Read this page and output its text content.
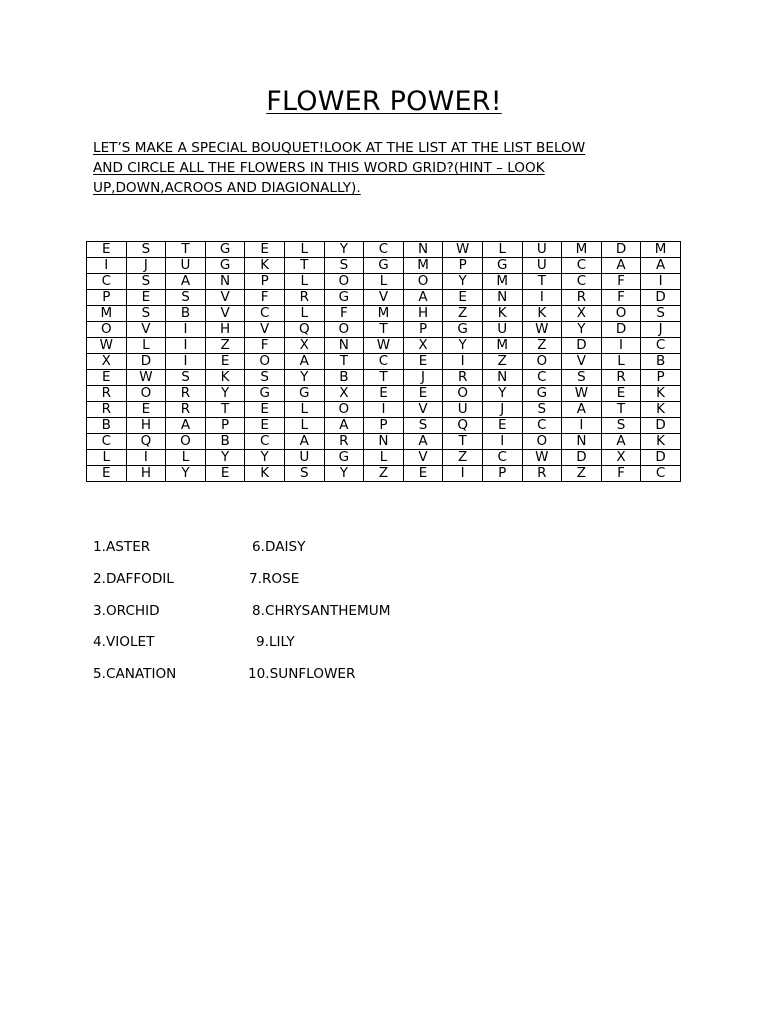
FLOWER POWER!
LET’S MAKE A SPECIAL BOUQUET!LOOK AT THE LIST AT THE LIST BELOW
AND CIRCLE ALL THE FLOWERS IN THIS WORD GRID?(HINT – LOOK
UP,DOWN,ACROOS AND DIAGIONALLY).
E	S	T	G	E	L	Y	C	N	W	L	U	M	D	M
I	J	U	G	K	T	S	G	M	P	G	U	C	A	A
C	S	A	N	P	L	O	L	O	Y	M	T	C	F	I
P	E	S	V	F	R	G	V	A	E	N	I	R	F	D
M	S	B	V	C	L	F	M	H	Z	K	K	X	O	S
O	V	I	H	V	Q	O	T	P	G	U	W	Y	D	J
W	L	I	Z	F	X	N	W	X	Y	M	Z	D	I	C
X	D	I	E	O	A	T	C	E	I	Z	O	V	L	B
E	W	S	K	S	Y	B	T	J	R	N	C	S	R	P
R	O	R	Y	G	G	X	E	E	O	Y	G	W	E	K
R	E	R	T	E	L	O	I	V	U	J	S	A	T	K
B	H	A	P	E	L	A	P	S	Q	E	C	I	S	D
C	Q	O	B	C	A	R	N	A	T	I	O	N	A	K
L	I	L	Y	Y	U	G	L	V	Z	C	W	D	X	D
E	H	Y	E	K	S	Y	Z	E	I	P	R	Z	F	C
1.ASTER	6.DAISY
2.DAFFODIL	7.ROSE
3.ORCHID	8.CHRYSANTHEMUM
4.VIOLET	9.LILY
5.CANATION	10.SUNFLOWER
